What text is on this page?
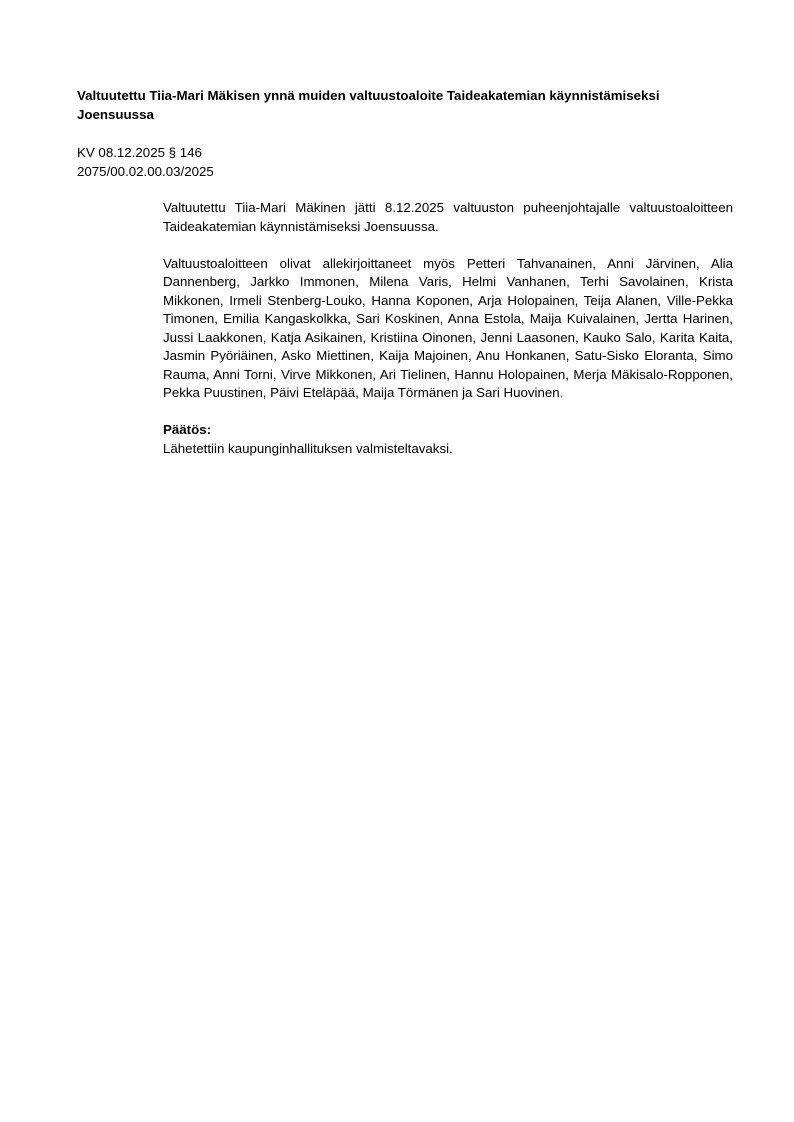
Valtuutettu Tiia-Mari Mäkisen ynnä muiden valtuustoaloite Taideakatemian käynnistämiseksi Joensuussa
KV 08.12.2025 § 146
2075/00.02.00.03/2025

Valtuutettu Tiia-Mari Mäkinen jätti 8.12.2025 valtuuston puheenjohtajalle valtuustoaloitteen Taideakatemian käynnistämiseksi Joensuussa.

Valtuustoaloitteen olivat allekirjoittaneet myös Petteri Tahvanainen, Anni Järvinen, Alia Dannenberg, Jarkko Immonen, Milena Varis, Helmi Vanhanen, Terhi Savolainen, Krista Mikkonen, Irmeli Stenberg-Louko, Hanna Koponen, Arja Holopainen, Teija Alanen, Ville-Pekka Timonen, Emilia Kangaskolkka, Sari Koskinen, Anna Estola, Maija Kuivalainen, Jertta Harinen, Jussi Laakkonen, Katja Asikainen, Kristiina Oinonen, Jenni Laasonen, Kauko Salo, Karita Kaita, Jasmin Pyöriäinen, Asko Miettinen, Kaija Majoinen, Anu Honkanen, Satu-Sisko Eloranta, Simo Rauma, Anni Torni, Virve Mikkonen, Ari Tielinen, Hannu Holopainen, Merja Mäkisalo-Ropponen, Pekka Puustinen, Päivi Eteläpää, Maija Törmänen ja Sari Huovinen.

Päätös:
Lähetettiin kaupunginhallituksen valmisteltavaksi.
